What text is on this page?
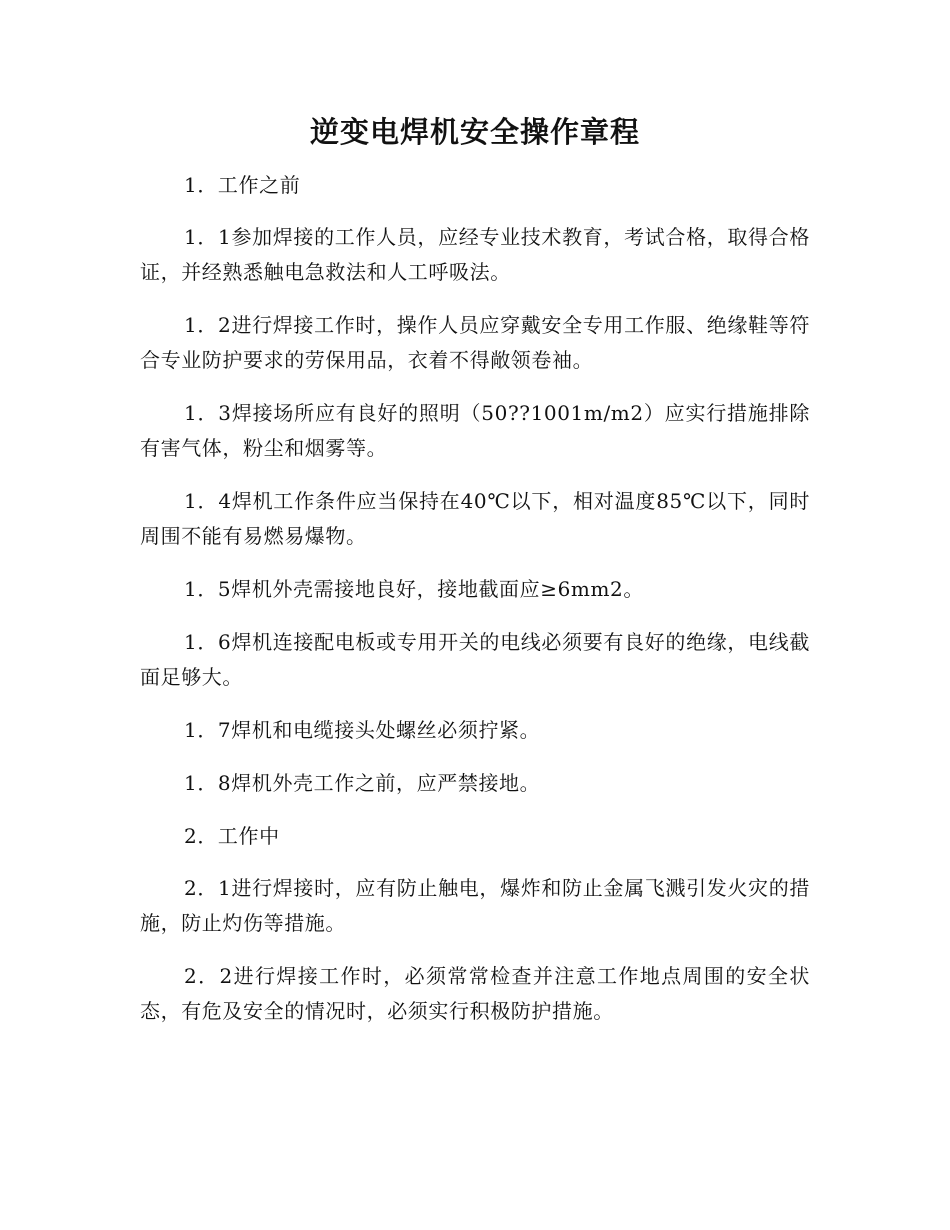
逆变电焊机安全操作章程

1．工作之前

1．1参加焊接的工作人员，应经专业技术教育，考试合格，取得合格证，并经熟悉触电急救法和人工呼吸法。

1．2进行焊接工作时，操作人员应穿戴安全专用工作服、绝缘鞋等符合专业防护要求的劳保用品，衣着不得敞领卷袖。

1．3焊接场所应有良好的照明（50??1001m/m2）应实行措施排除有害气体，粉尘和烟雾等。

1．4焊机工作条件应当保持在40℃以下，相对温度85℃以下，同时周围不能有易燃易爆物。

1．5焊机外壳需接地良好，接地截面应≥6mm2。

1．6焊机连接配电板或专用开关的电线必须要有良好的绝缘，电线截面足够大。

1．7焊机和电缆接头处螺丝必须拧紧。

1．8焊机外壳工作之前，应严禁接地。

2．工作中

2．1进行焊接时，应有防止触电，爆炸和防止金属飞溅引发火灾的措施，防止灼伤等措施。

2．2进行焊接工作时，必须常常检查并注意工作地点周围的安全状态，有危及安全的情况时，必须实行积极防护措施。
